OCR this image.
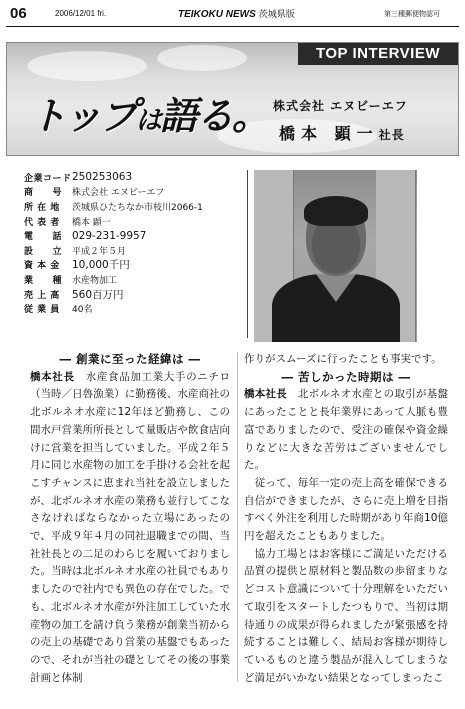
06	2006/12/01 fri.	TEIKOKU NEWS 茨城県版	第三種郵便物認可
TOP INTERVIEW
トップは語る。 株式会社 エヌビーエフ
橋本 顕一社長
企業コード 250253063
商　　号	株式会社 エヌビーエフ
所 在 地	茨城県ひたちなか市枝川2066-1
代 表 者	橋本 顕一
電　　話 029-231-9957
設　　立	平成２年５月
資 本 金	10,000千円
業　　種	水産物加工
売 上 高	560百万円
従 業 員	40名
― 創業に至った経緯は ―
橋本社長　 水産食品加工業大手のニチロ（当時／日魯漁業）に勤務後、水産商社の北ボルネオ水産に12年ほど勤務し、この間水戸営業所所長として量販店や飲食店向けに営業を担当していました。平成２年５月に同じ水産物の加工を手掛ける会社を起こすチャンスに恵まれ当社を設立しましたが、北ボルネオ水産の業務も並行してこなさなければならなかった立場にあったので、平成９年４月の同社退職までの間、当社社長との二足のわらじを履いておりました。当時は北ボルネオ水産の社員でもありましたので社内でも異色の存在でした。でも、北ボルネオ水産が外注加工していた水産物の加工を請け負う業務が創業当初からの売上の基礎であり営業の基盤でもあったので、それが当社の礎としてその後の事業計画と体制
作りがスムーズに行ったことも事実です。
― 苦しかった時期は ―
橋本社長　 北ボルネオ水産との取引が基盤にあったことと長年業界にあって人脈も豊富でありましたので、受注の確保や資金繰りなどに大きな苦労はございませんでした。
　従って、毎年一定の売上高を確保できる自信ができましたが、さらに売上増を目指すべく外注を利用した時期があり年商10億円を超えたこともありました。
　協力工場とはお客様にご満足いただける品質の提供と原材料と製品数の歩留まりなどコスト意識について十分理解をいただいて取引をスタートしたつもりで、当初は期待通りの成果が得られましたが緊張感を持続することは難しく、結局お客様が期待しているものと違う製品が混入してしまうなど満足がいかない結果となってしまったこ
